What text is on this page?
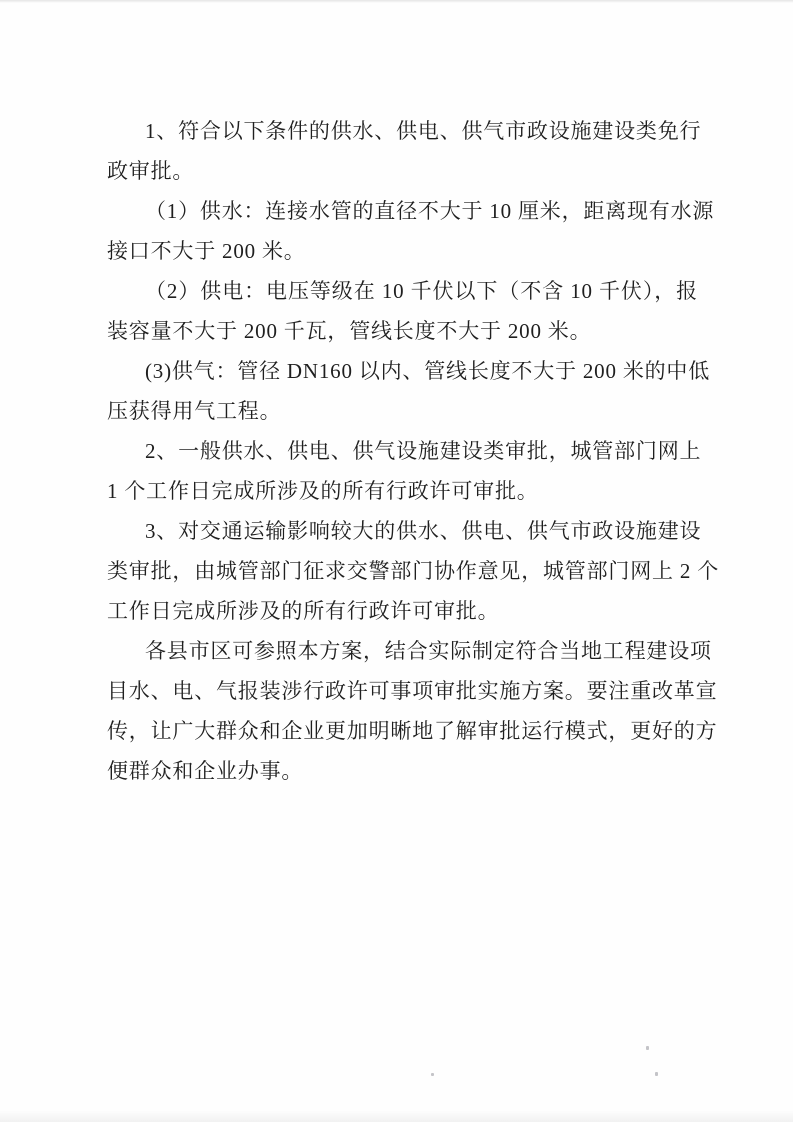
1、符合以下条件的供水、供电、供气市政设施建设类免行
政审批。

（1）供水：连接水管的直径不大于 10 厘米，距离现有水源
接口不大于 200 米。

（2）供电：电压等级在 10 千伏以下（不含 10 千伏），报
装容量不大于 200 千瓦，管线长度不大于 200 米。

(3)供气：管径 DN160 以内、管线长度不大于 200 米的中低
压获得用气工程。

2、一般供水、供电、供气设施建设类审批，城管部门网上
1 个工作日完成所涉及的所有行政许可审批。

3、对交通运输影响较大的供水、供电、供气市政设施建设
类审批，由城管部门征求交警部门协作意见，城管部门网上 2 个
工作日完成所涉及的所有行政许可审批。

各县市区可参照本方案，结合实际制定符合当地工程建设项
目水、电、气报装涉行政许可事项审批实施方案。要注重改革宣
传，让广大群众和企业更加明晰地了解审批运行模式，更好的方
便群众和企业办事。
